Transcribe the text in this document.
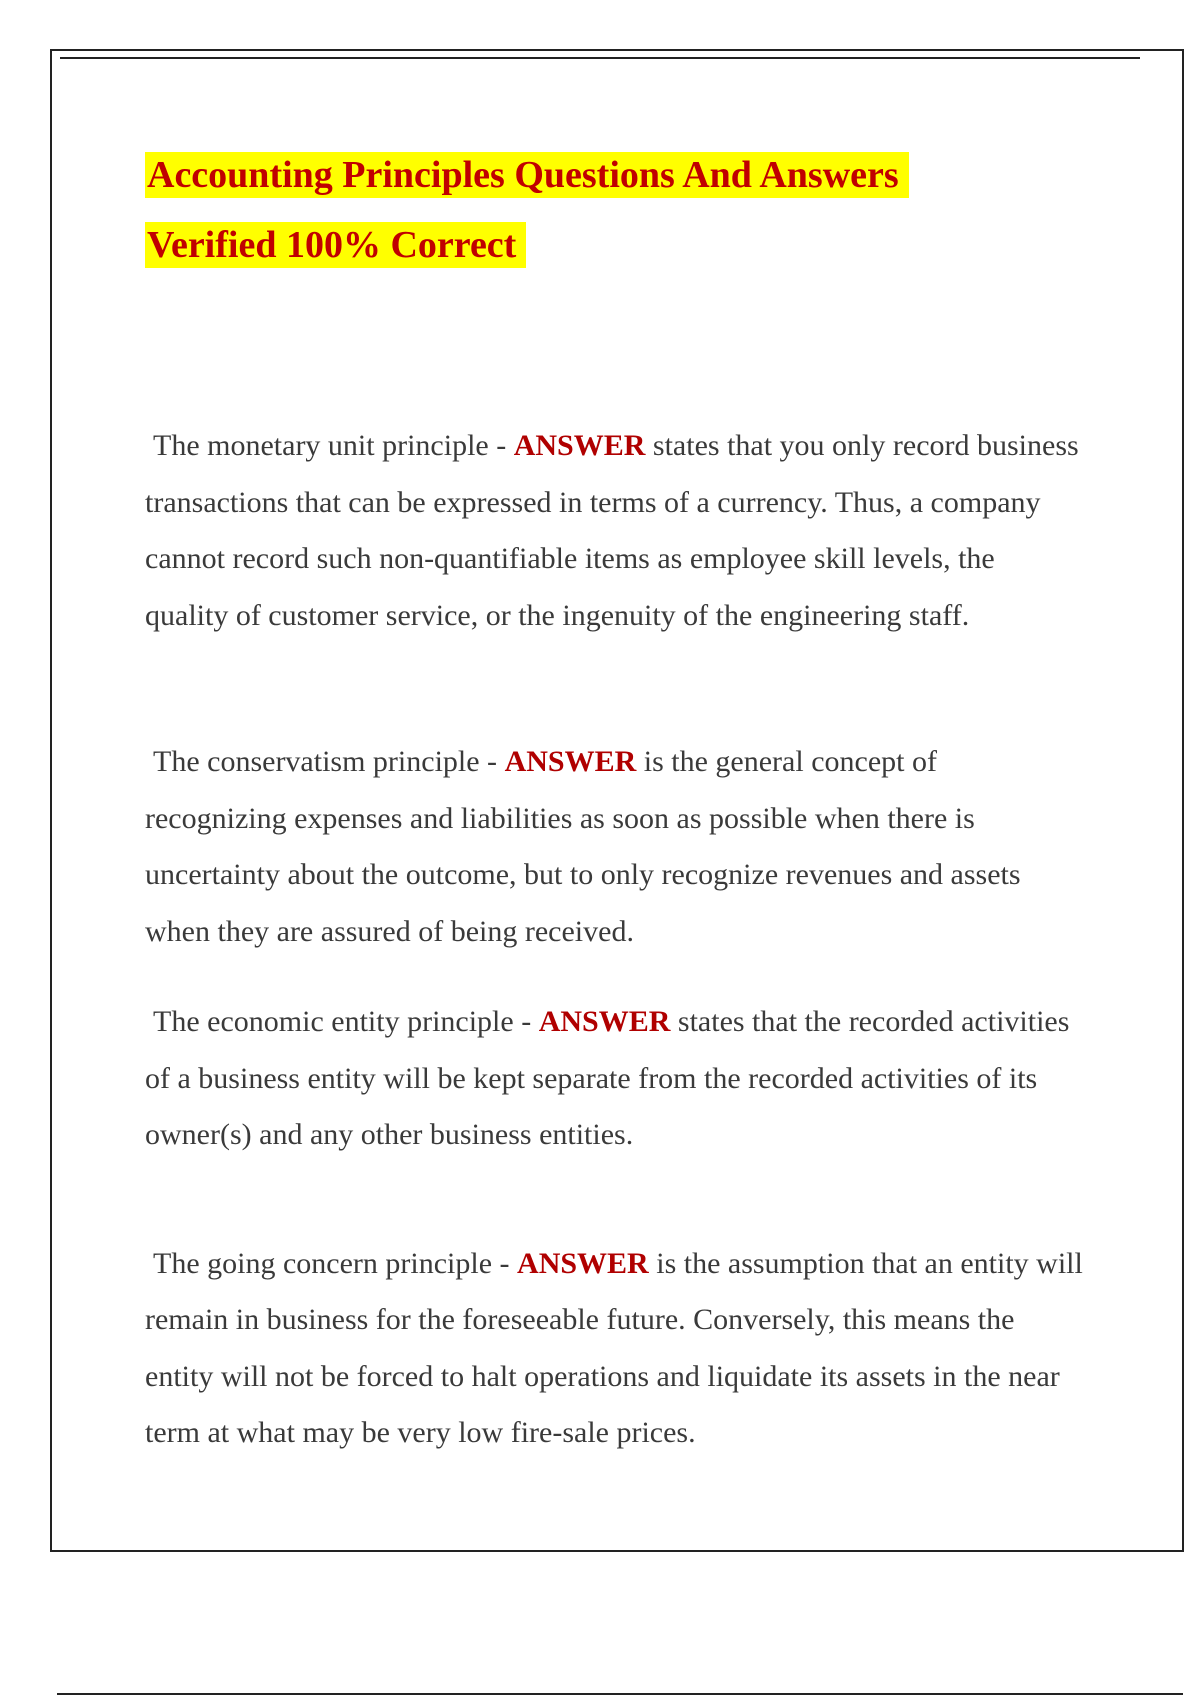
Accounting Principles Questions And Answers
Verified 100% Correct

The monetary unit principle - ANSWER states that you only record business transactions that can be expressed in terms of a currency. Thus, a company cannot record such non-quantifiable items as employee skill levels, the quality of customer service, or the ingenuity of the engineering staff.

The conservatism principle - ANSWER is the general concept of recognizing expenses and liabilities as soon as possible when there is uncertainty about the outcome, but to only recognize revenues and assets when they are assured of being received.

The economic entity principle - ANSWER states that the recorded activities of a business entity will be kept separate from the recorded activities of its owner(s) and any other business entities.

The going concern principle - ANSWER is the assumption that an entity will remain in business for the foreseeable future. Conversely, this means the entity will not be forced to halt operations and liquidate its assets in the near term at what may be very low fire-sale prices.
